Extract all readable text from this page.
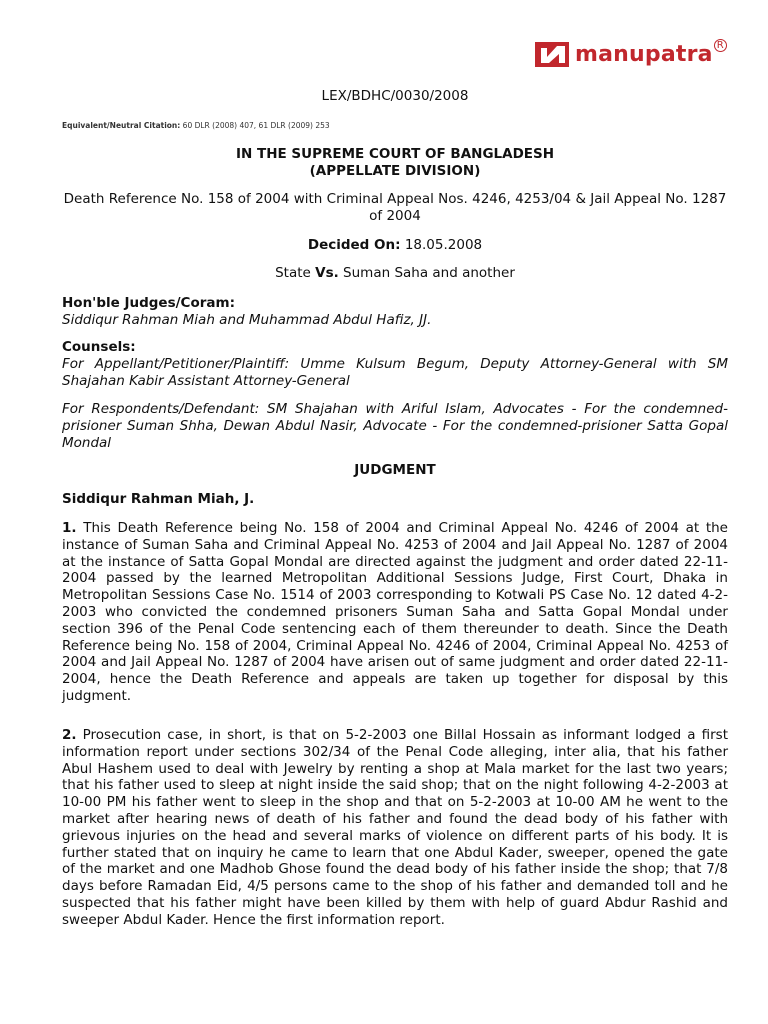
manupatra R
LEX/BDHC/0030/2008
Equivalent/Neutral Citation: 60 DLR (2008) 407, 61 DLR (2009) 253
IN THE SUPREME COURT OF BANGLADESH
(APPELLATE DIVISION)
Death Reference No. 158 of 2004 with Criminal Appeal Nos. 4246, 4253/04 & Jail Appeal No. 1287 of 2004
Decided On: 18.05.2008
State Vs. Suman Saha and another
Hon'ble Judges/Coram:
Siddiqur Rahman Miah and Muhammad Abdul Hafiz, JJ.
Counsels:
For Appellant/Petitioner/Plaintiff: Umme Kulsum Begum, Deputy Attorney-General with SM Shajahan Kabir Assistant Attorney-General
For Respondents/Defendant: SM Shajahan with Ariful Islam, Advocates - For the condemned-prisioner Suman Shha, Dewan Abdul Nasir, Advocate - For the condemned-prisioner Satta Gopal Mondal
JUDGMENT
Siddiqur Rahman Miah, J.
1. This Death Reference being No. 158 of 2004 and Criminal Appeal No. 4246 of 2004 at the instance of Suman Saha and Criminal Appeal No. 4253 of 2004 and Jail Appeal No. 1287 of 2004 at the instance of Satta Gopal Mondal are directed against the judgment and order dated 22-11-2004 passed by the learned Metropolitan Additional Sessions Judge, First Court, Dhaka in Metropolitan Sessions Case No. 1514 of 2003 corresponding to Kotwali PS Case No. 12 dated 4-2-2003 who convicted the condemned prisoners Suman Saha and Satta Gopal Mondal under section 396 of the Penal Code sentencing each of them thereunder to death. Since the Death Reference being No. 158 of 2004, Criminal Appeal No. 4246 of 2004, Criminal Appeal No. 4253 of 2004 and Jail Appeal No. 1287 of 2004 have arisen out of same judgment and order dated 22-11-2004, hence the Death Reference and appeals are taken up together for disposal by this judgment.
2. Prosecution case, in short, is that on 5-2-2003 one Billal Hossain as informant lodged a first information report under sections 302/34 of the Penal Code alleging, inter alia, that his father Abul Hashem used to deal with Jewelry by renting a shop at Mala market for the last two years; that his father used to sleep at night inside the said shop; that on the night following 4-2-2003 at 10-00 PM his father went to sleep in the shop and that on 5-2-2003 at 10-00 AM he went to the market after hearing news of death of his father and found the dead body of his father with grievous injuries on the head and several marks of violence on different parts of his body. It is further stated that on inquiry he came to learn that one Abdul Kader, sweeper, opened the gate of the market and one Madhob Ghose found the dead body of his father inside the shop; that 7/8 days before Ramadan Eid, 4/5 persons came to the shop of his father and demanded toll and he suspected that his father might have been killed by them with help of guard Abdur Rashid and sweeper Abdul Kader. Hence the first information report.
